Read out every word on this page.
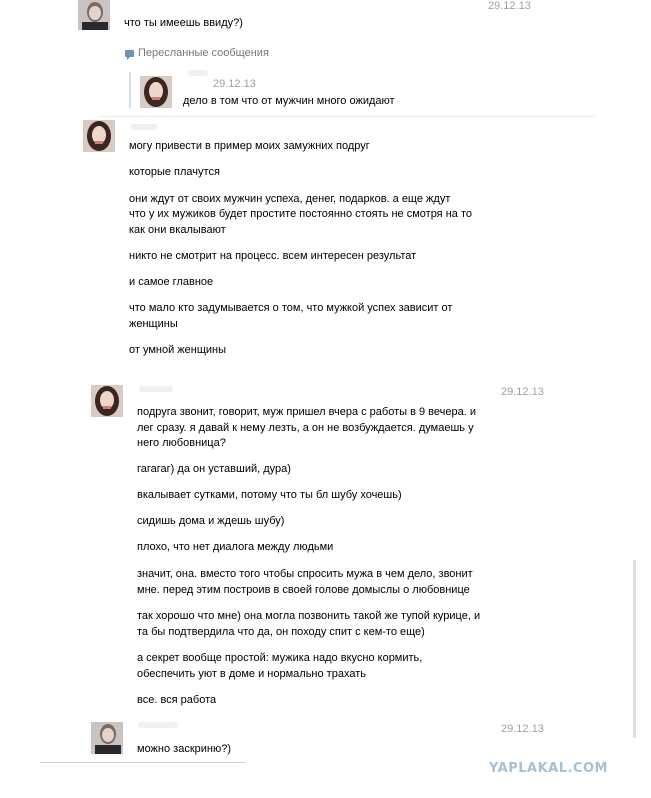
29.12.13
что ты имеешь ввиду?)
Пересланные сообщения
29.12.13
дело в том что от мужчин много ожидают
могу привести в пример моих замужних подруг
которые плачутся
они ждут от своих мужчин успеха, денег, подарков. а еще ждут
что у их мужиков будет простите постоянно стоять не смотря на то
как они вкалывают
никто не смотрит на процесс. всем интересен результат
и самое главное
что мало кто задумывается о том, что мужкой успех зависит от
женщины
от умной женщины
29.12.13
подруга звонит, говорит, муж пришел вчера с работы в 9 вечера. и
лег сразу. я давай к нему лезть, а он не возбуждается. думаешь у
него любовница?
гагагаг) да он уставший, дура)
вкалывает сутками, потому что ты бл шубу хочешь)
сидишь дома и ждешь шубу)
плохо, что нет диалога между людьми
значит, она. вместо того чтобы спросить мужа в чем дело, звонит
мне. перед этим построив в своей голове домыслы о любовнице
так хорошо что мне) она могла позвонить такой же тупой курице, и
та бы подтвердила что да, он походу спит с кем-то еще)
а секрет вообще простой: мужика надо вкусно кормить,
обеспечить уют в доме и нормально трахать
все. вся работа
29.12.13
можно заскриню?)
YAPLAKAL.COM
